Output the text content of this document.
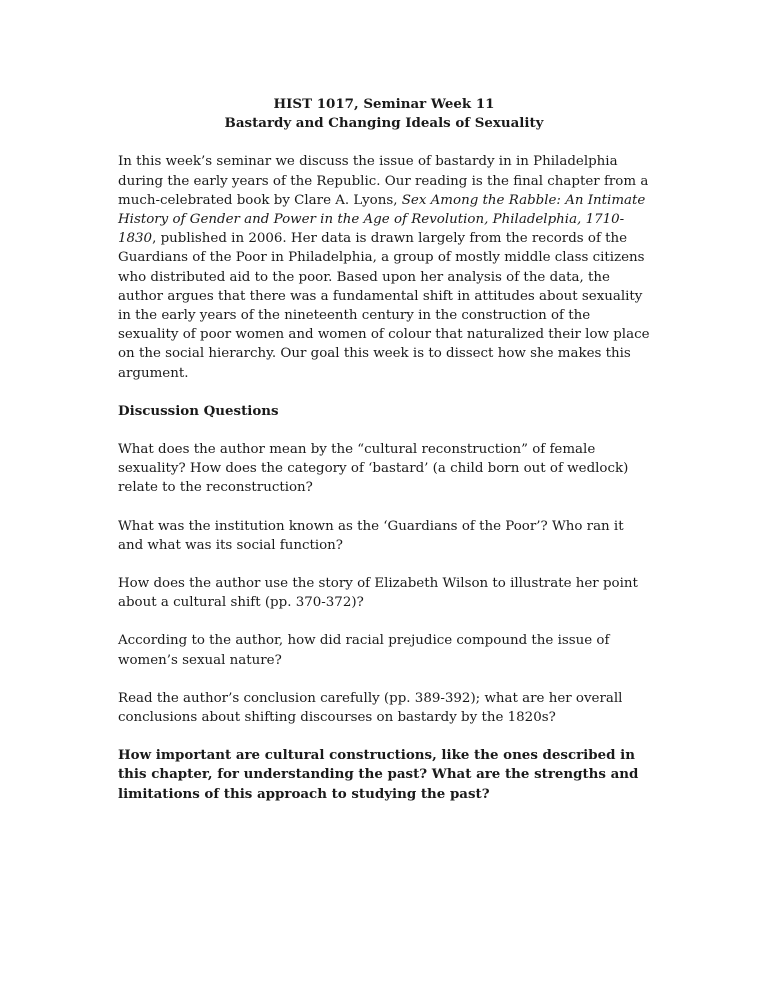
HIST 1017, Seminar Week 11
Bastardy and Changing Ideals of Sexuality

In this week’s seminar we discuss the issue of bastardy in in Philadelphia during the early years of the Republic. Our reading is the final chapter from a much-celebrated book by Clare A. Lyons, Sex Among the Rabble: An Intimate History of Gender and Power in the Age of Revolution, Philadelphia, 1710-1830, published in 2006. Her data is drawn largely from the records of the Guardians of the Poor in Philadelphia, a group of mostly middle class citizens who distributed aid to the poor. Based upon her analysis of the data, the author argues that there was a fundamental shift in attitudes about sexuality in the early years of the nineteenth century in the construction of the sexuality of poor women and women of colour that naturalized their low place on the social hierarchy. Our goal this week is to dissect how she makes this argument.

Discussion Questions

What does the author mean by the “cultural reconstruction” of female sexuality? How does the category of ‘bastard’ (a child born out of wedlock) relate to the reconstruction?

What was the institution known as the ‘Guardians of the Poor’? Who ran it and what was its social function?

How does the author use the story of Elizabeth Wilson to illustrate her point about a cultural shift (pp. 370-372)?

According to the author, how did racial prejudice compound the issue of women’s sexual nature?

Read the author’s conclusion carefully (pp. 389-392); what are her overall conclusions about shifting discourses on bastardy by the 1820s?

How important are cultural constructions, like the ones described in this chapter, for understanding the past? What are the strengths and limitations of this approach to studying the past?
